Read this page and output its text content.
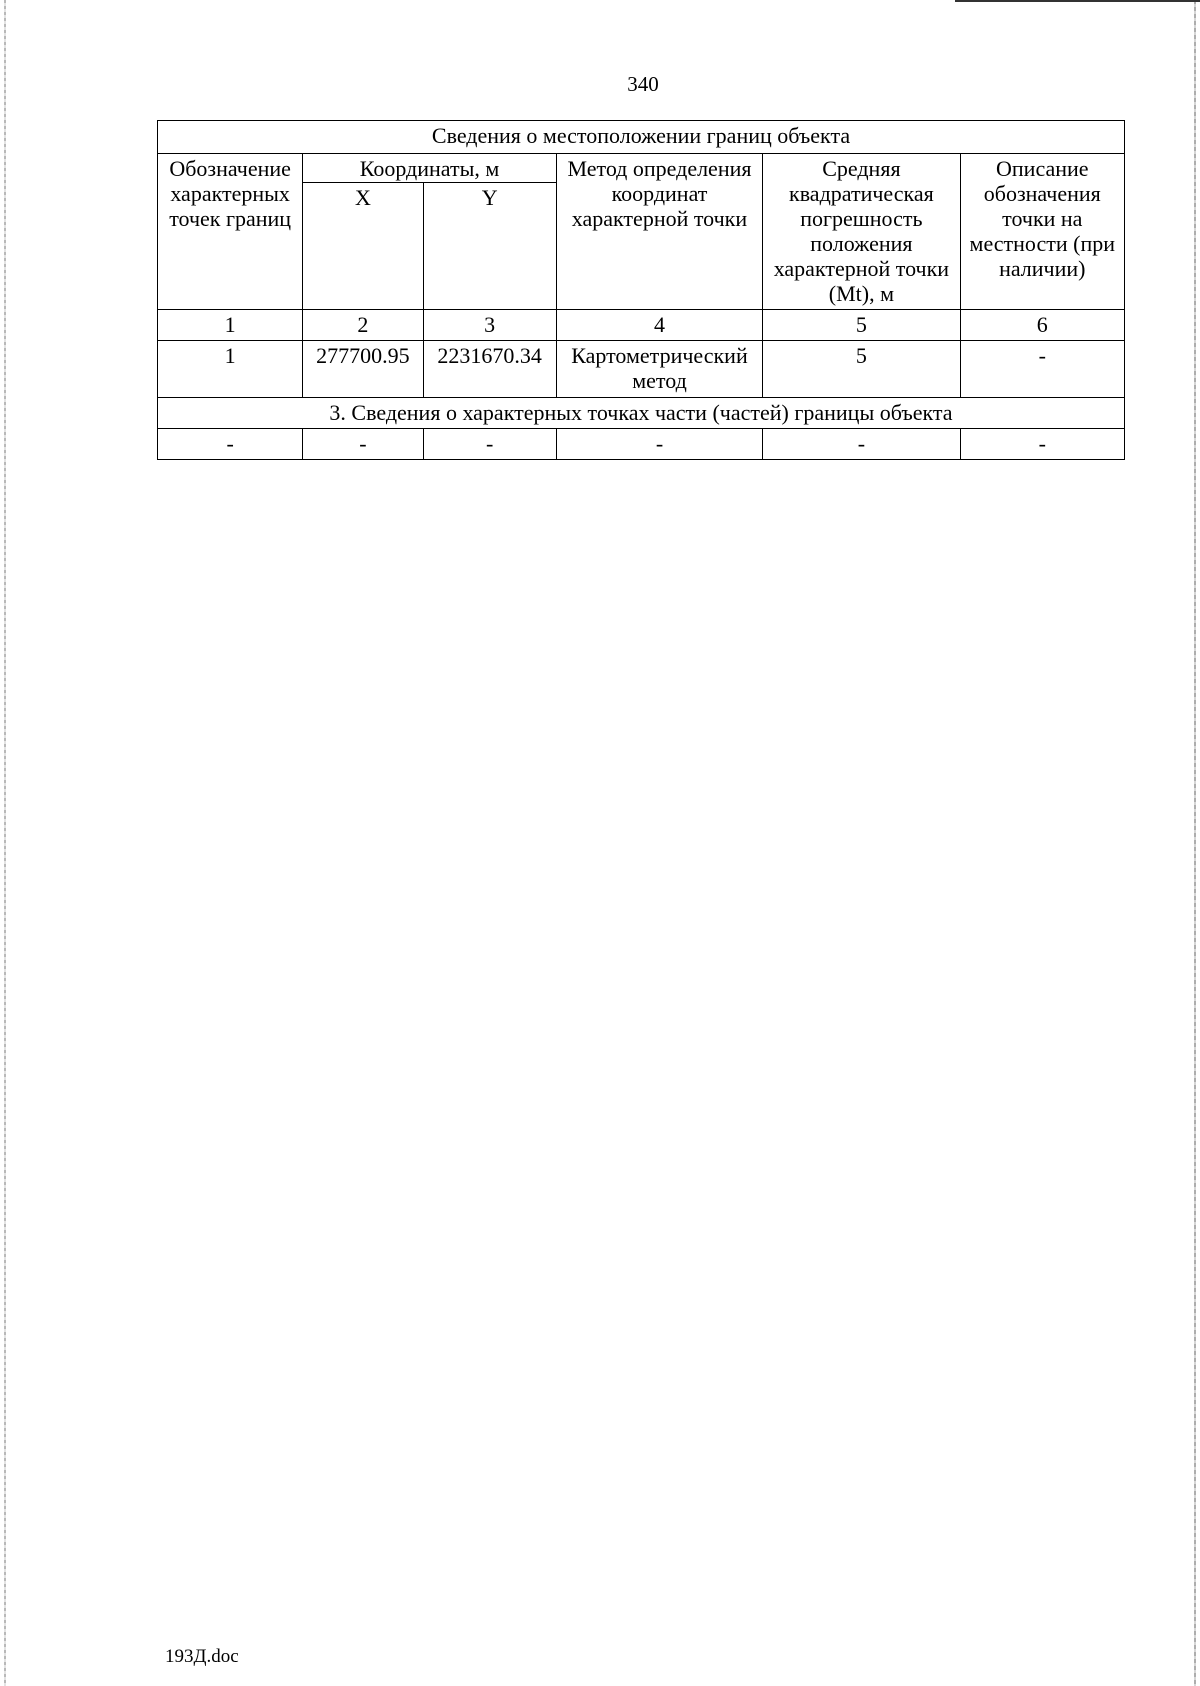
340
Сведения о местоположении границ объекта					
Обозначение характерных точек границ	Координаты, м		Метод определения координат характерной точки	Средняя квадратическая погрешность положения характерной точки (Mt), м	Описание обозначения точки на местности (при наличии)
	X	Y			
1	2	3	4	5	6
1	277700.95	2231670.34	Картометрический метод	5	-
3. Сведения о характерных точках части (частей) границы объекта					
-	-	-	-	-	-
193Д.doc
